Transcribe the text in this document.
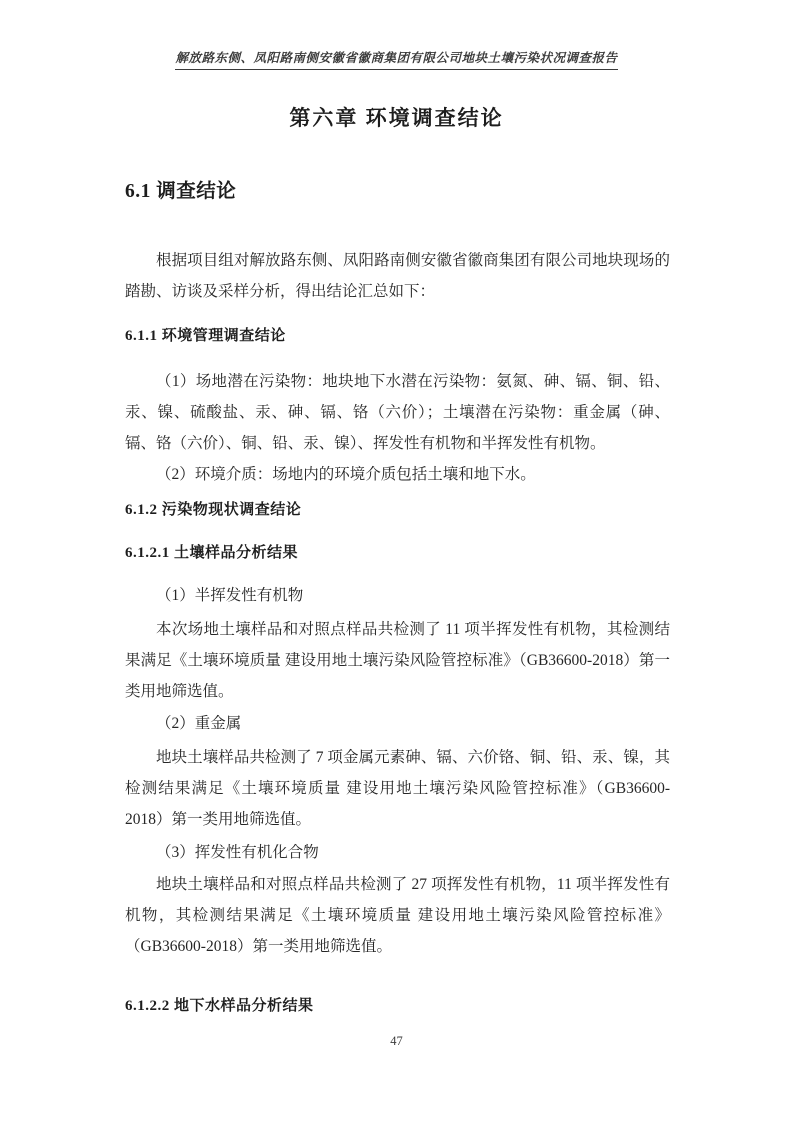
解放路东侧、凤阳路南侧安徽省徽商集团有限公司地块土壤污染状况调查报告
第六章 环境调查结论
6.1 调查结论

根据项目组对解放路东侧、凤阳路南侧安徽省徽商集团有限公司地块现场的踏勘、访谈及采样分析，得出结论汇总如下：

6.1.1 环境管理调查结论

（1）场地潜在污染物：地块地下水潜在污染物：氨氮、砷、镉、铜、铅、汞、镍、硫酸盐、汞、砷、镉、铬（六价）；土壤潜在污染物：重金属（砷、镉、铬（六价）、铜、铅、汞、镍）、挥发性有机物和半挥发性有机物。

（2）环境介质：场地内的环境介质包括土壤和地下水。

6.1.2 污染物现状调查结论
6.1.2.1 土壤样品分析结果

（1）半挥发性有机物

本次场地土壤样品和对照点样品共检测了 11 项半挥发性有机物，其检测结果满足《土壤环境质量 建设用地土壤污染风险管控标准》（GB36600-2018）第一类用地筛选值。

（2）重金属

地块土壤样品共检测了 7 项金属元素砷、镉、六价铬、铜、铅、汞、镍，其检测结果满足《土壤环境质量 建设用地土壤污染风险管控标准》（GB36600-2018）第一类用地筛选值。

（3）挥发性有机化合物

地块土壤样品和对照点样品共检测了 27 项挥发性有机物，11 项半挥发性有机物，其检测结果满足《土壤环境质量 建设用地土壤污染风险管控标准》（GB36600-2018）第一类用地筛选值。

6.1.2.2 地下水样品分析结果
47
